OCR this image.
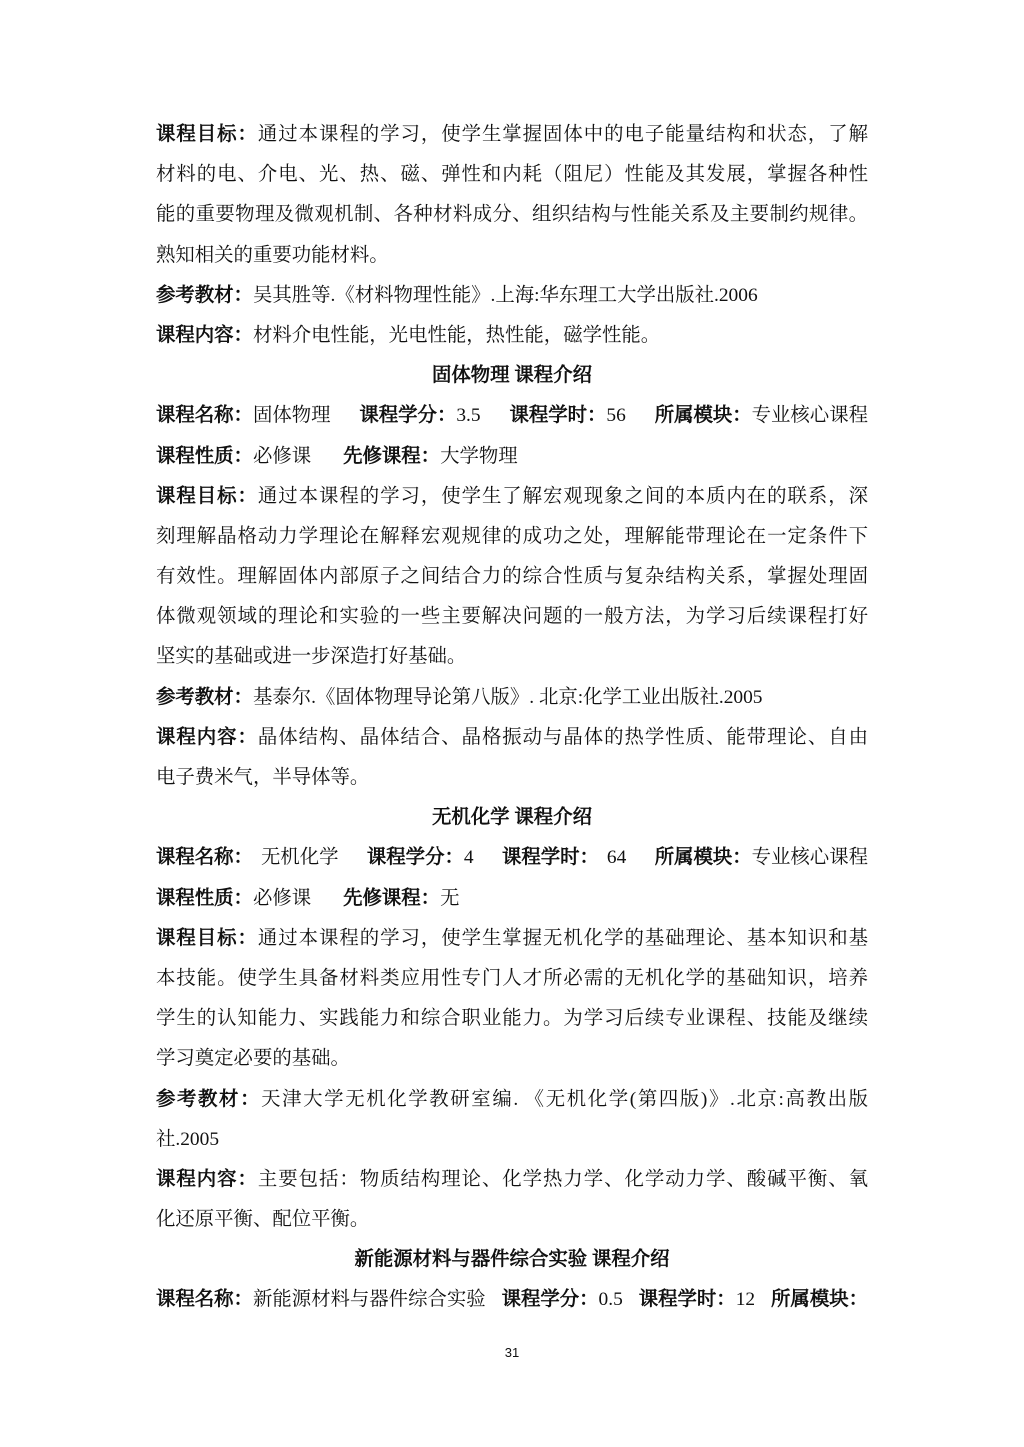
课程目标：通过本课程的学习，使学生掌握固体中的电子能量结构和状态，了解
材料的电、介电、光、热、磁、弹性和内耗（阻尼）性能及其发展，掌握各种性
能的重要物理及微观机制、各种材料成分、组织结构与性能关系及主要制约规律。
熟知相关的重要功能材料。
参考教材：吴其胜等.《材料物理性能》.上海:华东理工大学出版社.2006
课程内容：材料介电性能，光电性能，热性能，磁学性能。
固体物理 课程介绍
课程名称：固体物理 课程学分：3.5 课程学时：56 所属模块：专业核心课程
课程性质：必修课 先修课程：大学物理
课程目标：通过本课程的学习，使学生了解宏观现象之间的本质内在的联系，深
刻理解晶格动力学理论在解释宏观规律的成功之处，理解能带理论在一定条件下
有效性。理解固体内部原子之间结合力的综合性质与复杂结构关系，掌握处理固
体微观领域的理论和实验的一些主要解决问题的一般方法，为学习后续课程打好
坚实的基础或进一步深造打好基础。
参考教材：基泰尔.《固体物理导论第八版》. 北京:化学工业出版社.2005
课程内容：晶体结构、晶体结合、晶格振动与晶体的热学性质、能带理论、自由
电子费米气，半导体等。
无机化学 课程介绍
课程名称： 无机化学 课程学分：4 课程学时： 64 所属模块：专业核心课程
课程性质：必修课 先修课程：无
课程目标：通过本课程的学习，使学生掌握无机化学的基础理论、基本知识和基
本技能。使学生具备材料类应用性专门人才所必需的无机化学的基础知识，培养
学生的认知能力、实践能力和综合职业能力。为学习后续专业课程、技能及继续
学习奠定必要的基础。
参考教材：天津大学无机化学教研室编. 《无机化学(第四版)》.北京:高教出版
社.2005
课程内容：主要包括：物质结构理论、化学热力学、化学动力学、酸碱平衡、氧
化还原平衡、配位平衡。
新能源材料与器件综合实验 课程介绍
课程名称：新能源材料与器件综合实验 课程学分：0.5 课程学时：12 所属模块：
31
